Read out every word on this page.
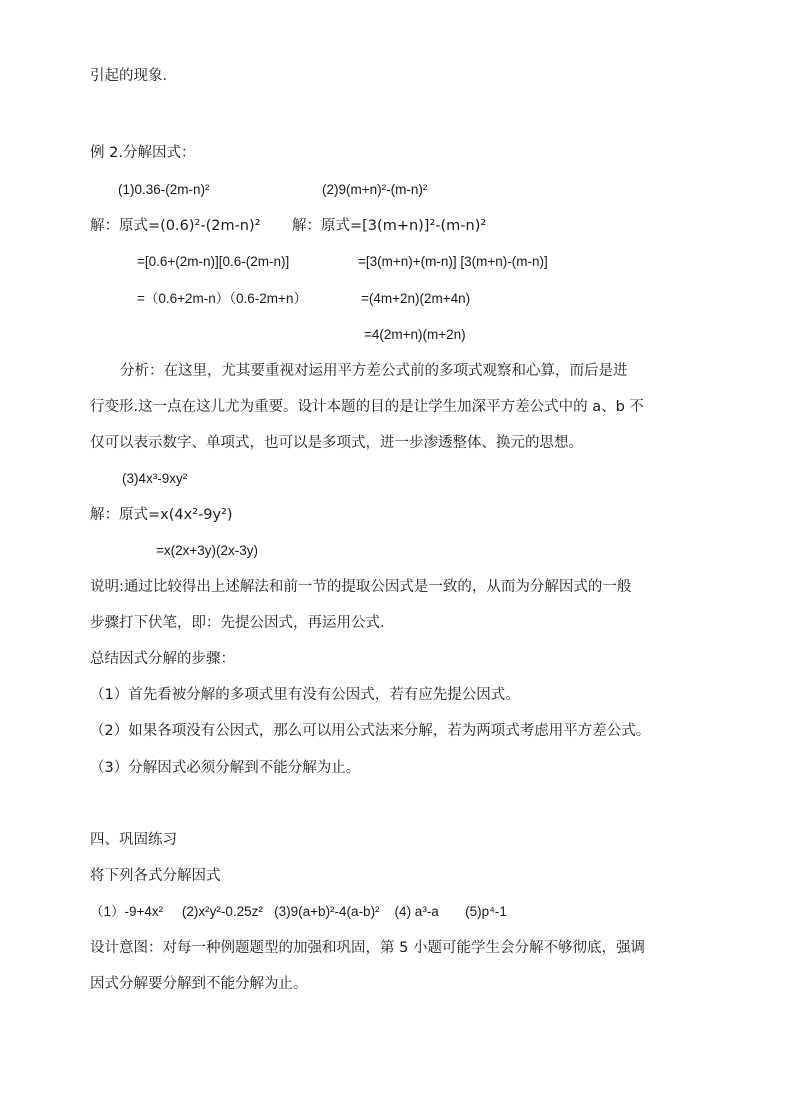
引起的现象.
例 2.分解因式：
(1)0.36-(2m-n)²	(2)9(m+n)²-(m-n)²
解：原式=(0.6)²-(2m-n)² 解：原式=[3(m+n)]²-(m-n)²
=[0.6+(2m-n)][0.6-(2m-n)]	=[3(m+n)+(m-n)] [3(m+n)-(m-n)]
=（0.6+2m-n）（0.6-2m+n）	=(4m+2n)(2m+4n)
=4(2m+n)(m+2n)
分析：在这里，尤其要重视对运用平方差公式前的多项式观察和心算，而后是进
行变形.这一点在这儿尤为重要。设计本题的目的是让学生加深平方差公式中的 a、b 不
仅可以表示数字、单项式，也可以是多项式，进一步渗透整体、换元的思想。
(3)4x³-9xy²
解：原式=x(4x²-9y²)
=x(2x+3y)(2x-3y)
说明:通过比较得出上述解法和前一节的提取公因式是一致的，从而为分解因式的一般
步骤打下伏笔，即：先提公因式，再运用公式.
总结因式分解的步骤：
（1）首先看被分解的多项式里有没有公因式，若有应先提公因式。
（2）如果各项没有公因式，那么可以用公式法来分解，若为两项式考虑用平方差公式。
（3）分解因式必须分解到不能分解为止。
四、巩固练习
将下列各式分解因式
（1）-9+4x²     (2)x²y²-0.25z²   (3)9(a+b)²-4(a-b)²    (4) a³-a       (5)p⁴-1
设计意图：对每一种例题题型的加强和巩固，第 5 小题可能学生会分解不够彻底，强调
因式分解要分解到不能分解为止。
